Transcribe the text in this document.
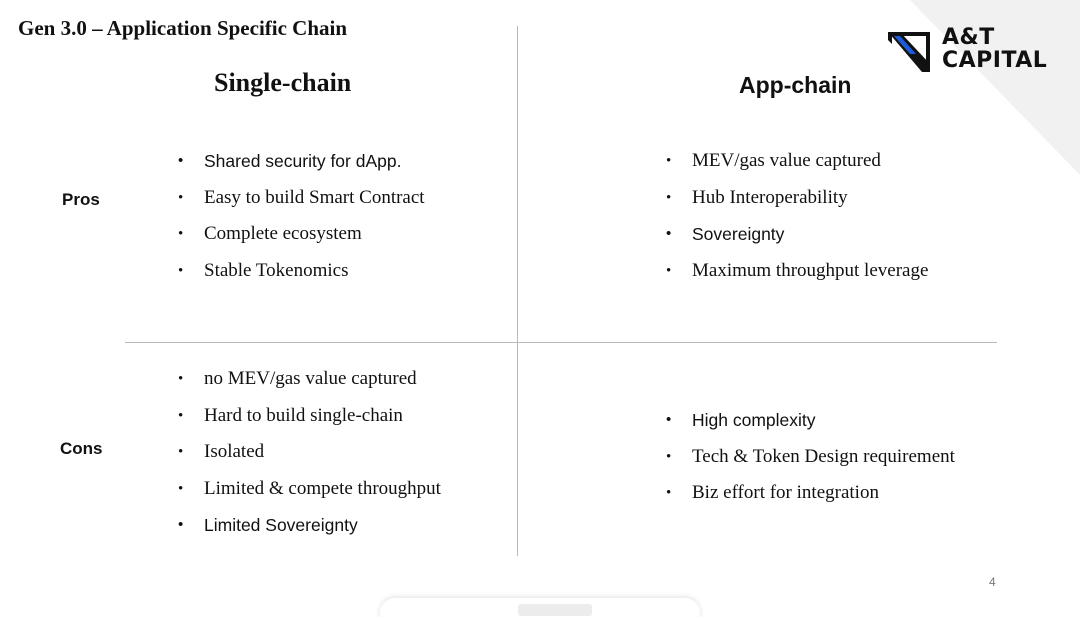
Gen 3.0 – Application Specific Chain	A&T
CAPITAL
Single-chain	App-chain
Pros
Cons
• Shared security for dApp.
• Easy to build Smart Contract
• Complete ecosystem
• Stable Tokenomics
• MEV/gas value captured
• Hub Interoperability
• Sovereignty
• Maximum throughput leverage
• no MEV/gas value captured
• Hard to build single-chain
• Isolated
• Limited & compete throughput
• Limited Sovereignty
• High complexity
• Tech & Token Design requirement
• Biz effort for integration
4
